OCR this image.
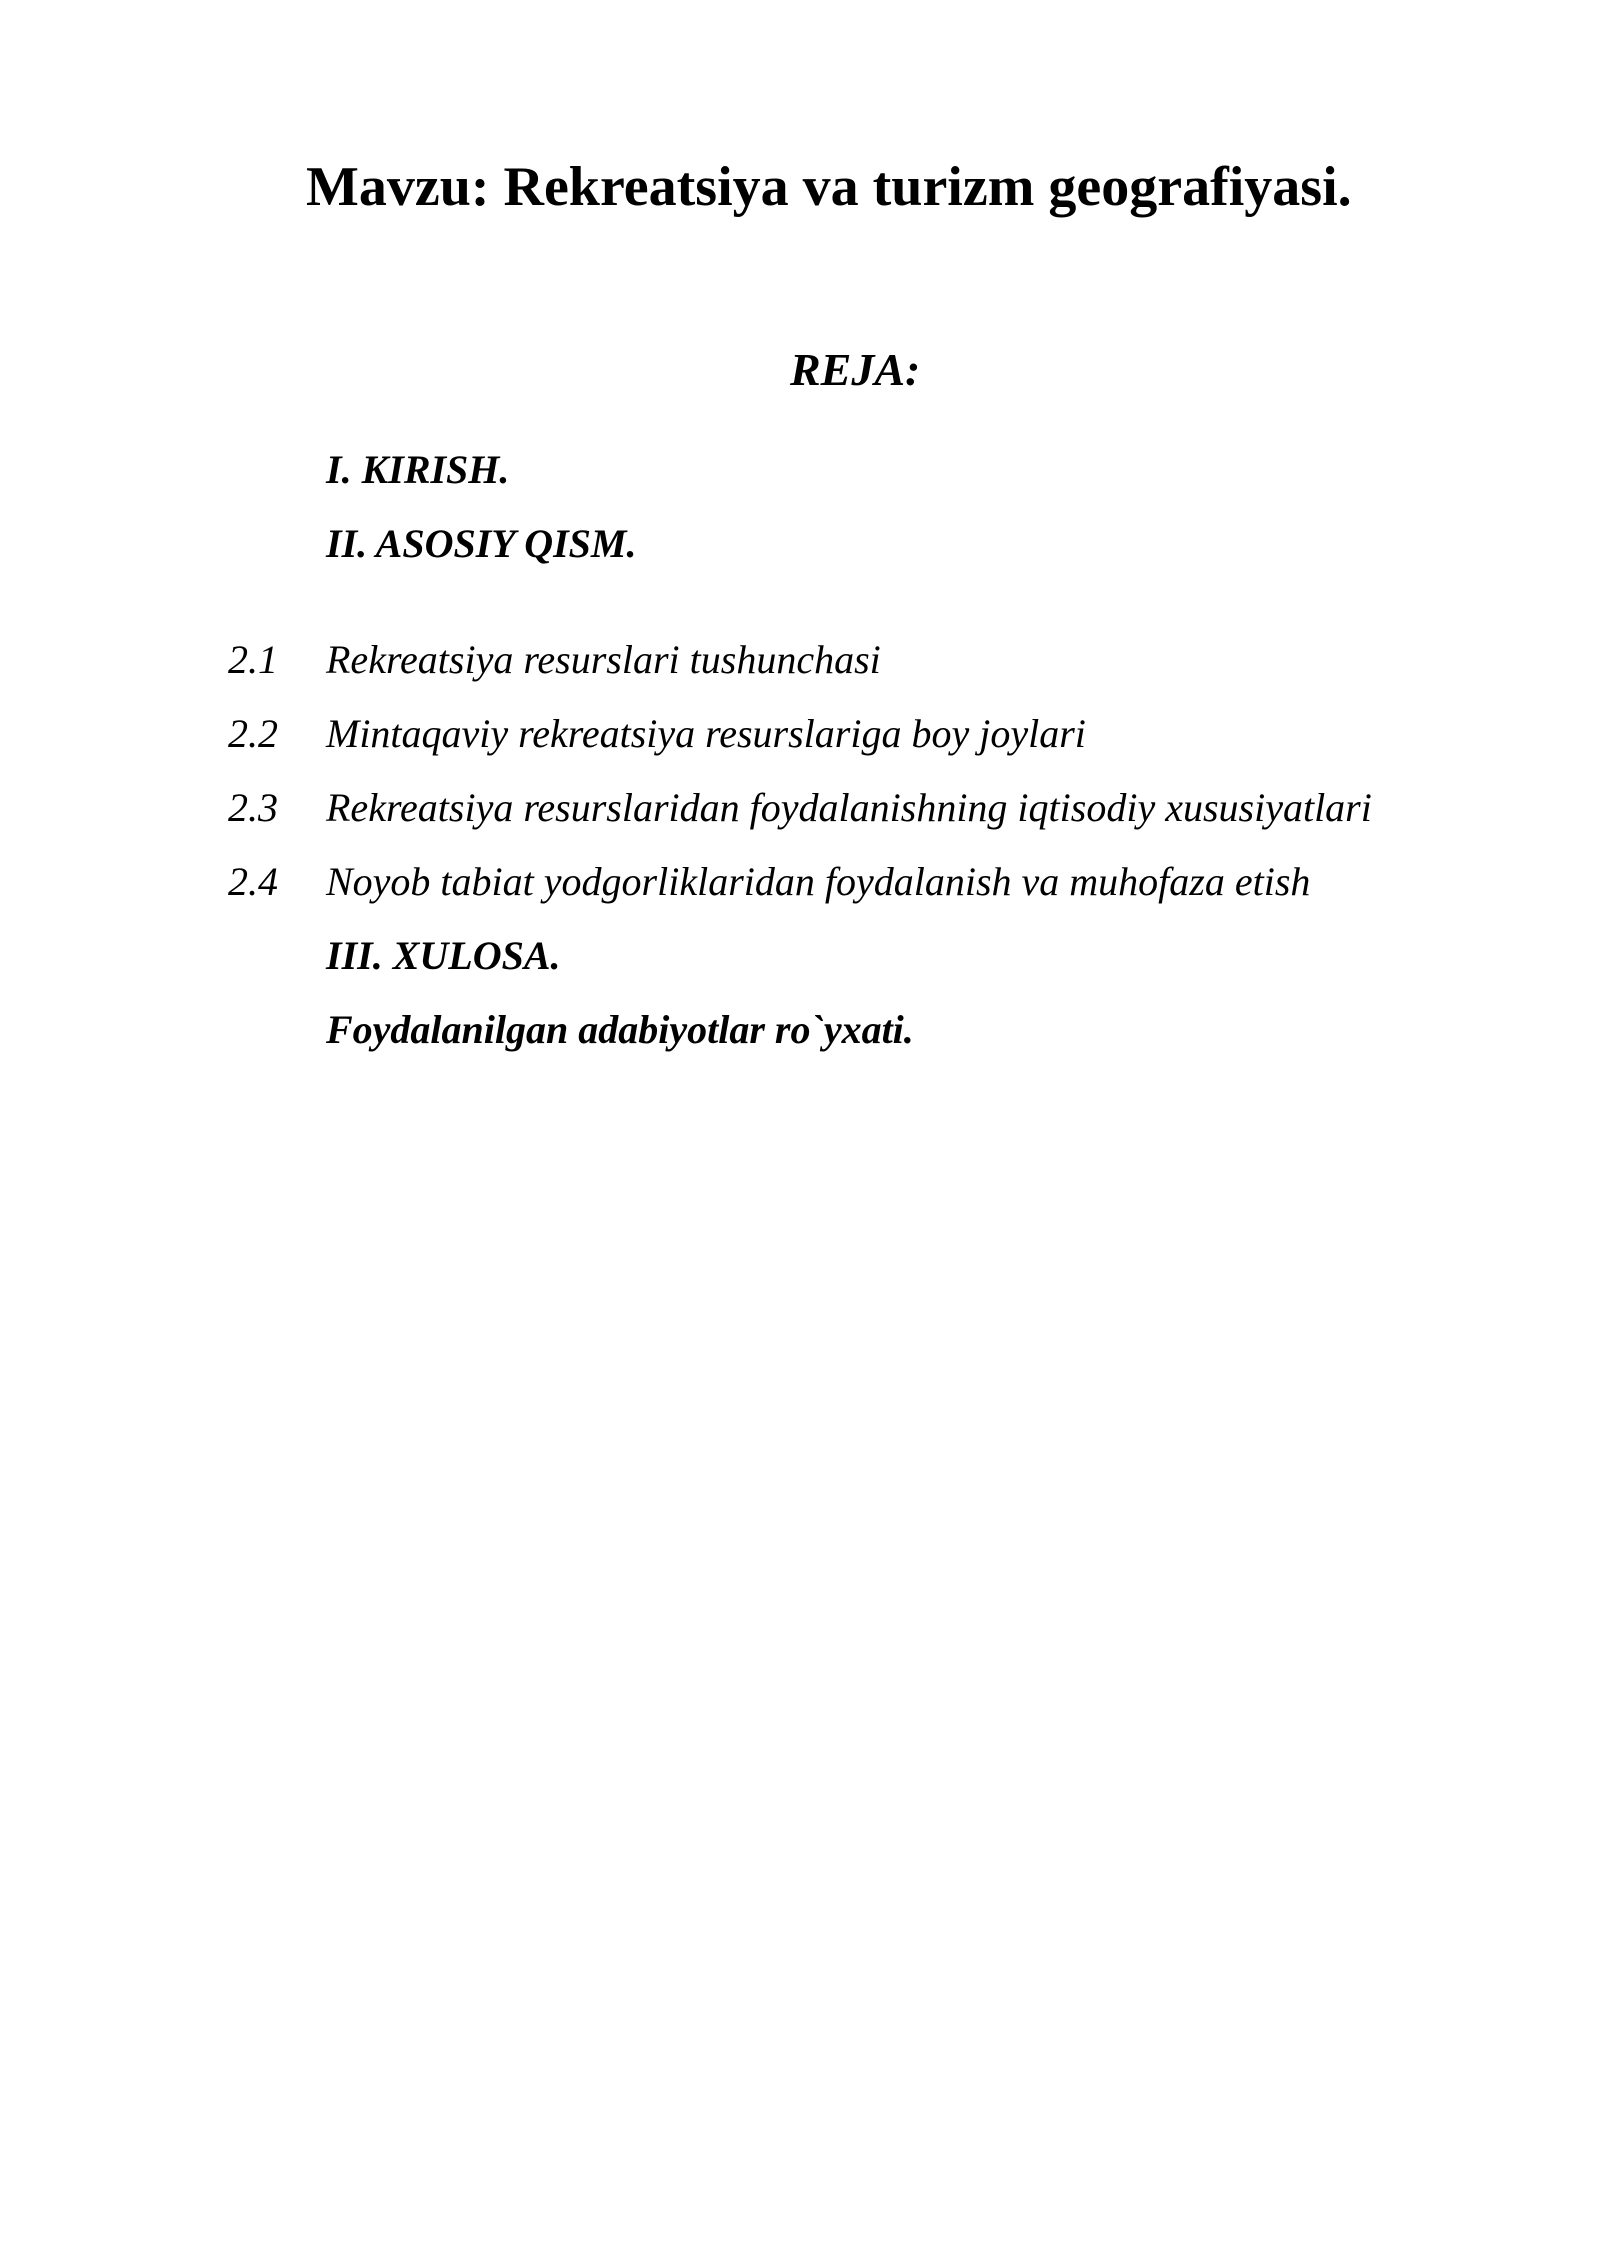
Mavzu: Rekreatsiya va turizm geografiyasi.
REJA:
I. KIRISH.
II. ASOSIY QISM.
2.1 Rekreatsiya resurslari tushunchasi
2.2 Mintaqaviy rekreatsiya resurslariga boy joylari
2.3 Rekreatsiya resurslaridan foydalanishning iqtisodiy xususiyatlari
2.4 Noyob tabiat yodgorliklaridan foydalanish va muhofaza etish
III. XULOSA.
Foydalanilgan adabiyotlar ro`yxati.
